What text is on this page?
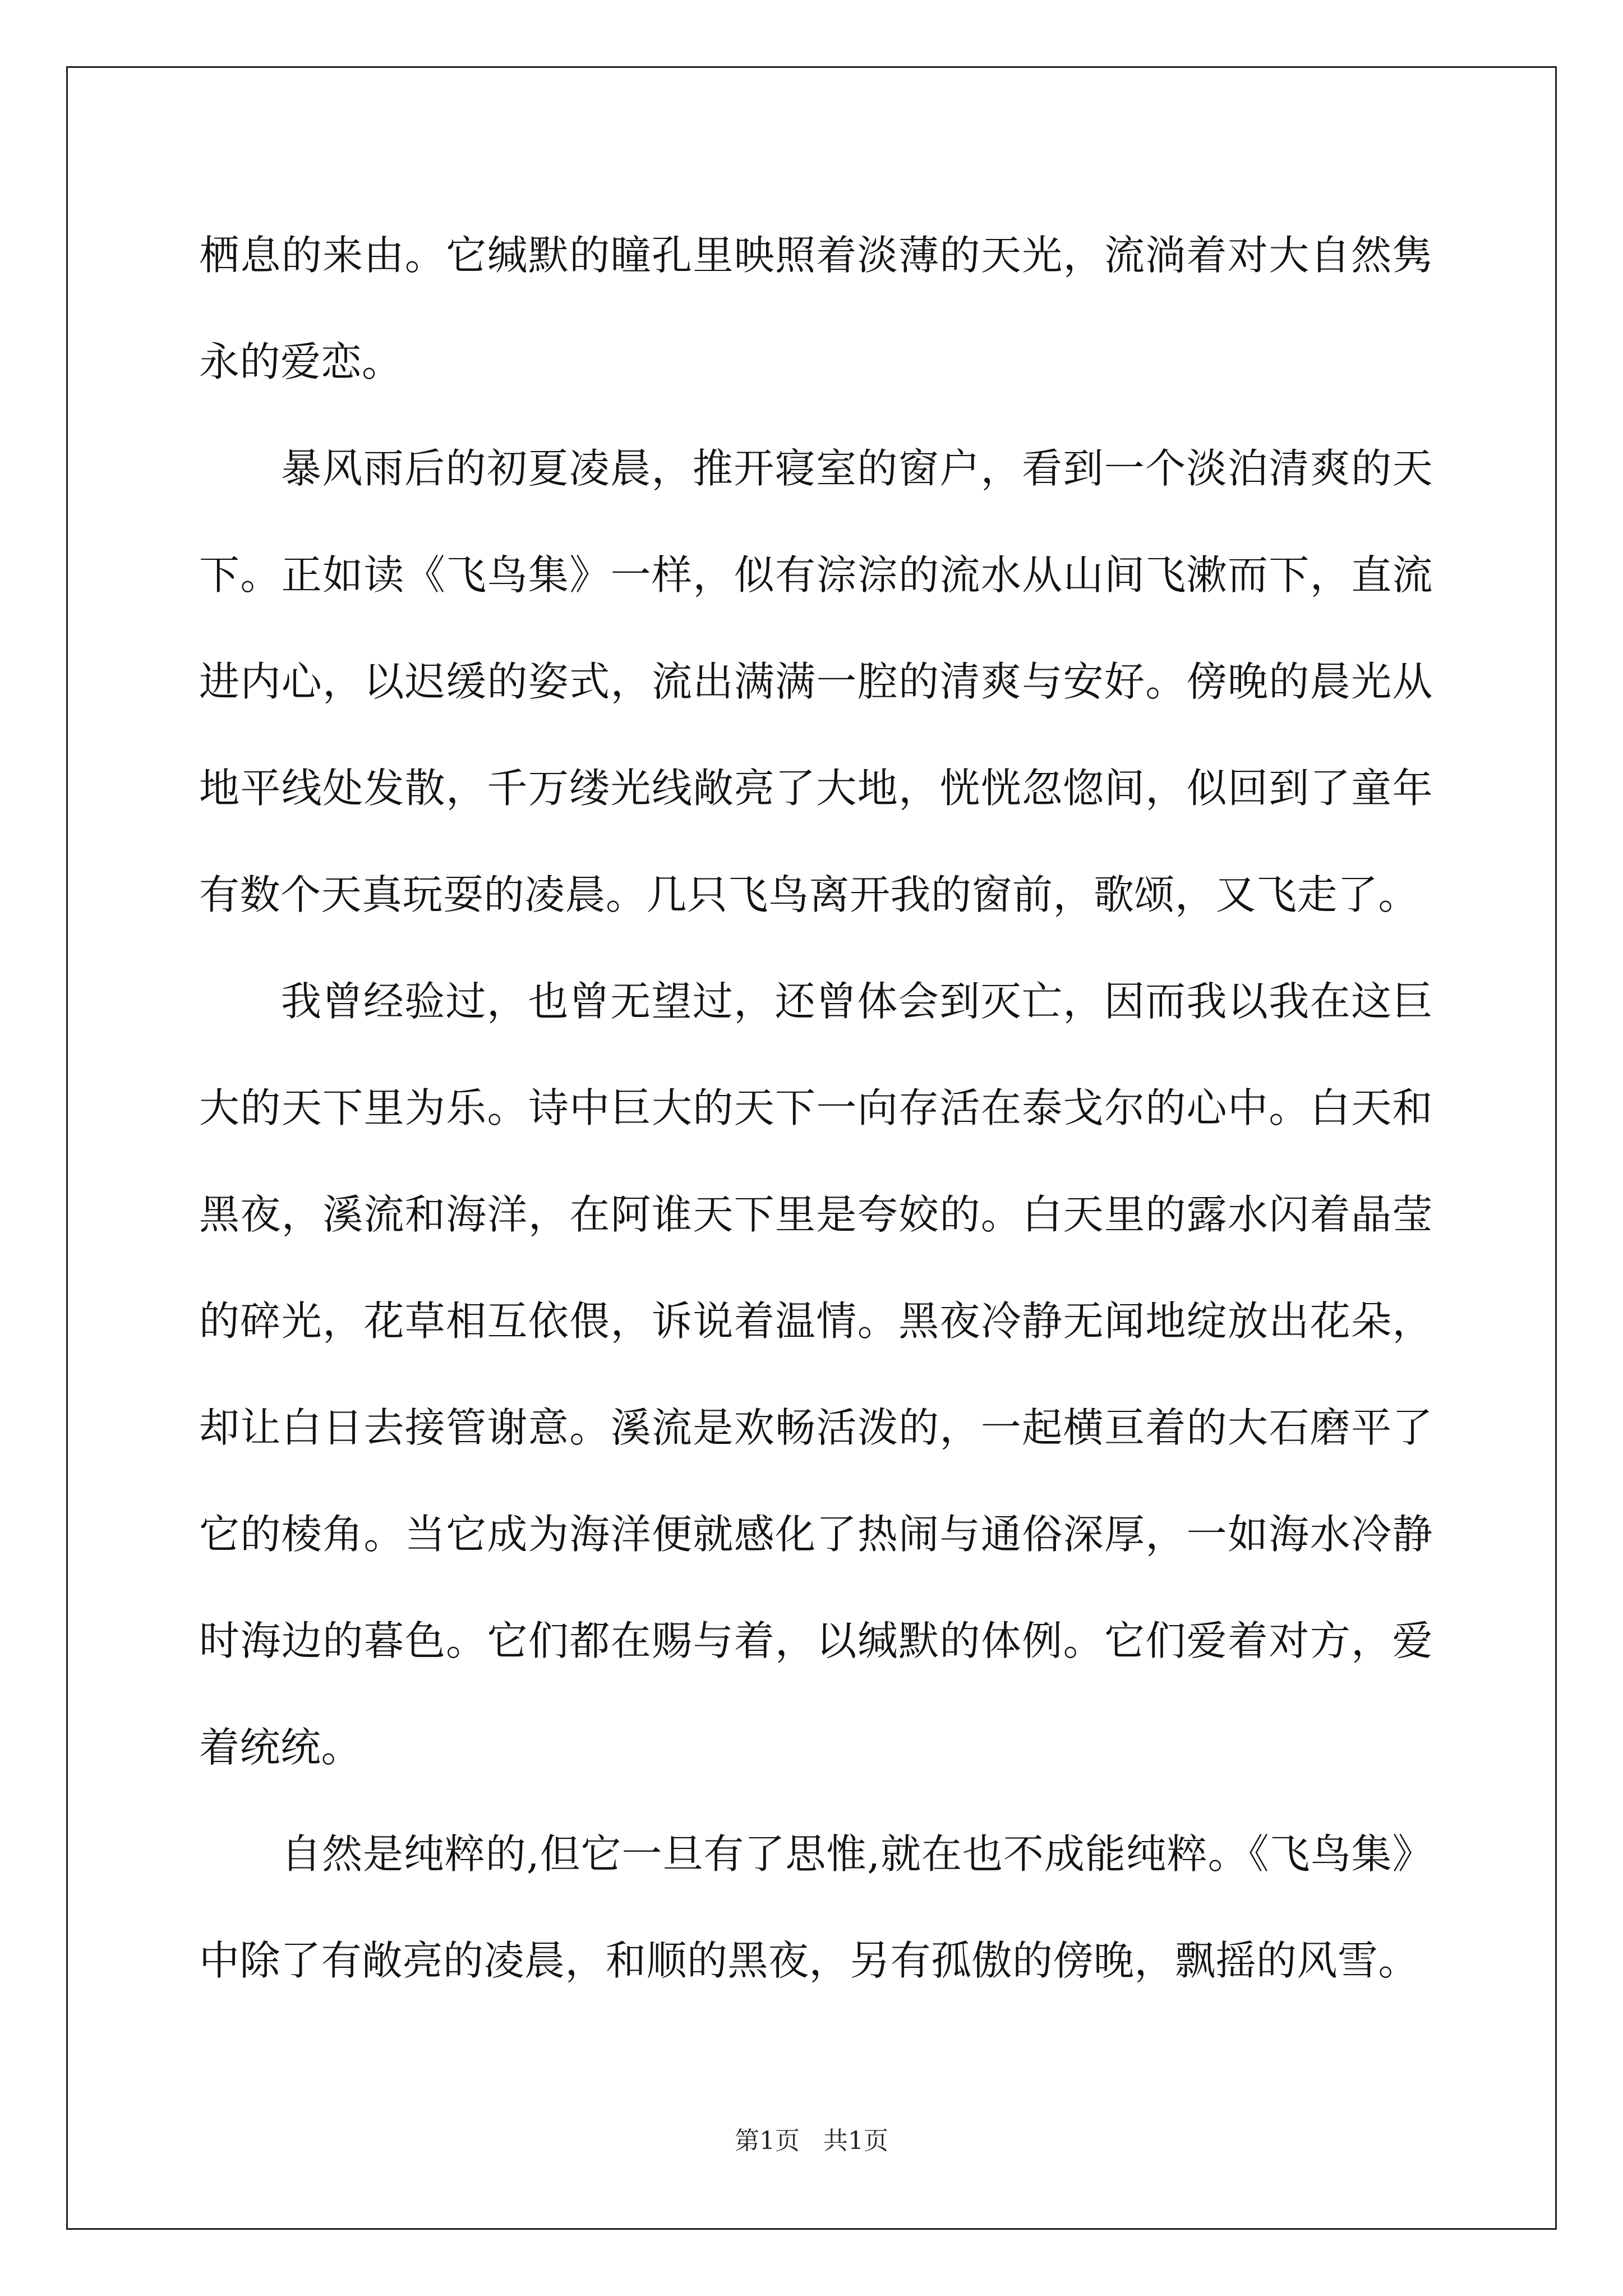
栖息的来由。它缄默的瞳孔里映照着淡薄的天光，流淌着对大自然隽永的爱恋。

暴风雨后的初夏凌晨，推开寝室的窗户，看到一个淡泊清爽的天下。正如读《飞鸟集》一样，似有淙淙的流水从山间飞漱而下，直流进内心，以迟缓的姿式，流出满满一腔的清爽与安好。傍晚的晨光从地平线处发散，千万缕光线敞亮了大地，恍恍忽惚间，似回到了童年有数个天真玩耍的凌晨。几只飞鸟离开我的窗前，歌颂，又飞走了。

我曾经验过，也曾无望过，还曾体会到灭亡，因而我以我在这巨大的天下里为乐。诗中巨大的天下一向存活在泰戈尔的心中。白天和黑夜，溪流和海洋，在阿谁天下里是夸姣的。白天里的露水闪着晶莹的碎光，花草相互依偎，诉说着温情。黑夜冷静无闻地绽放出花朵，却让白日去接管谢意。溪流是欢畅活泼的，一起横亘着的大石磨平了它的棱角。当它成为海洋便就感化了热闹与通俗深厚，一如海水冷静时海边的暮色。它们都在赐与着，以缄默的体例。它们爱着对方，爱着统统。

自然是纯粹的,但它一旦有了思惟,就在也不成能纯粹。《飞鸟集》中除了有敞亮的凌晨，和顺的黑夜，另有孤傲的傍晚，飘摇的风雪。

第1页 共1页
